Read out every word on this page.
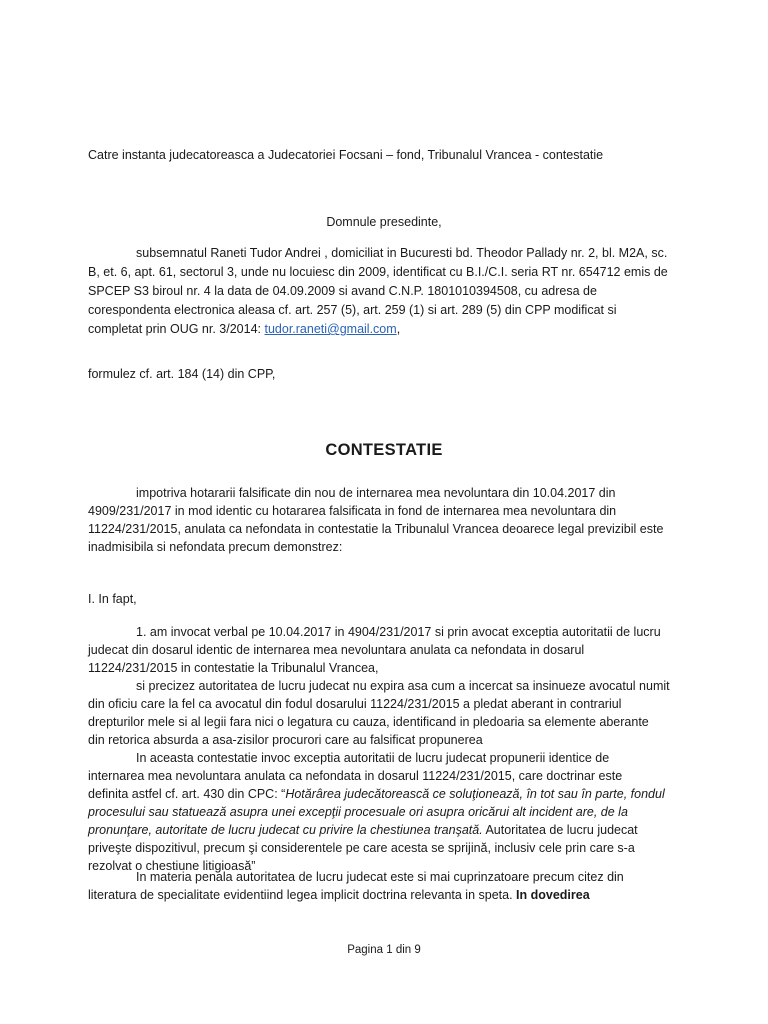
Catre instanta judecatoreasca a Judecatoriei Focsani – fond, Tribunalul Vrancea - contestatie
Domnule presedinte,
subsemnatul Raneti Tudor Andrei , domiciliat in Bucuresti bd. Theodor Pallady nr. 2, bl. M2A, sc.
B, et. 6, apt. 61, sectorul 3, unde nu locuiesc din 2009, identificat cu B.I./C.I. seria RT nr. 654712 emis de
SPCEP S3 biroul nr. 4 la data de 04.09.2009 si avand C.N.P. 1801010394508, cu adresa de
corespondenta electronica aleasa cf. art. 257 (5), art. 259 (1) si art. 289 (5) din CPP modificat si
completat prin OUG nr. 3/2014: tudor.raneti@gmail.com,
formulez cf. art. 184 (14) din CPP,
CONTESTATIE
impotriva hotararii falsificate din nou de internarea mea nevoluntara din 10.04.2017 din
4909/231/2017 in mod identic cu hotararea falsificata in fond de internarea mea nevoluntara din
11224/231/2015, anulata ca nefondata in contestatie la Tribunalul Vrancea deoarece legal previzibil este
inadmisibila si nefondata precum demonstrez:
I. In fapt,
1. am invocat verbal pe 10.04.2017 in 4904/231/2017 si prin avocat exceptia autoritatii de lucru
judecat din dosarul identic de internarea mea nevoluntara anulata ca nefondata in dosarul
11224/231/2015 in contestatie la Tribunalul Vrancea,
si precizez autoritatea de lucru judecat nu expira asa cum a incercat sa insinueze avocatul numit
din oficiu care la fel ca avocatul din fodul dosarului 11224/231/2015 a pledat aberant in contrariul
drepturilor mele si al legii fara nici o legatura cu cauza, identificand in pledoaria sa elemente aberante
din retorica absurda a asa-zisilor procurori care au falsificat propunerea
In aceasta contestatie invoc exceptia autoritatii de lucru judecat propunerii identice de
internarea mea nevoluntara anulata ca nefondata in dosarul 11224/231/2015, care doctrinar este
definita astfel cf. art. 430 din CPC: “Hotărârea judecătorească ce soluţionează, în tot sau în parte, fondul
procesului sau statuează asupra unei excepţii procesuale ori asupra oricărui alt incident are, de la
pronunţare, autoritate de lucru judecat cu privire la chestiunea tranşată. Autoritatea de lucru judecat
priveşte dispozitivul, precum şi considerentele pe care acesta se sprijină, inclusiv cele prin care s-a
rezolvat o chestiune litigioasă”
In materia penala autoritatea de lucru judecat este si mai cuprinzatoare precum citez din
literatura de specialitate evidentiind legea implicit doctrina relevanta in speta. In dovedirea
Pagina 1 din 9
